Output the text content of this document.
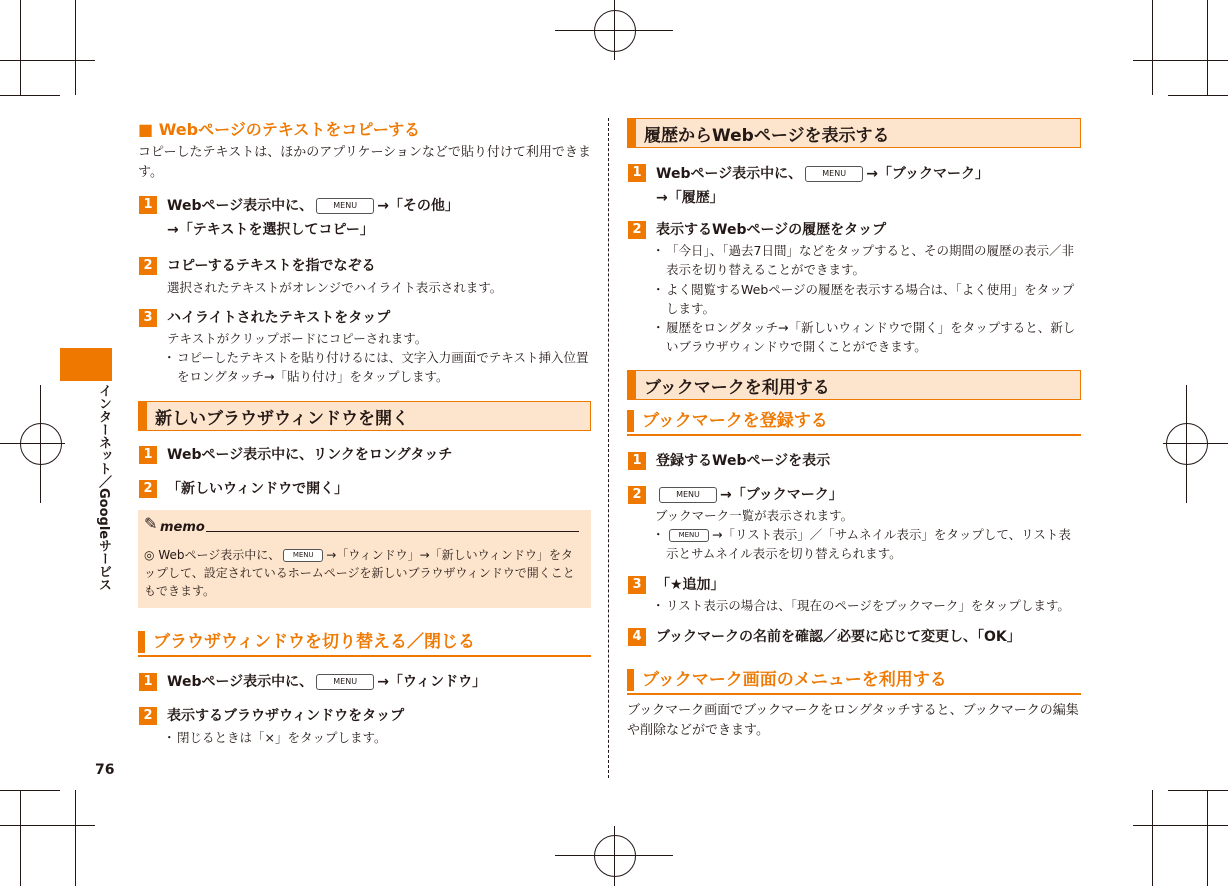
インターネット／Googleサービス
76
■ Webページのテキストをコピーする
コピーしたテキストは、ほかのアプリケーションなどで貼り付けて利用できます。
1	Webページ表示中に、	MENU →「その他」
→「テキストを選択してコピー」
2	コピーするテキストを指でなぞる
選択されたテキストがオレンジでハイライト表示されます。
3	ハイライトされたテキストをタップ
テキストがクリップボードにコピーされます。
・ コピーしたテキストを貼り付けるには、文字入力画面でテキスト挿入位置をロングタッチ→「貼り付け」をタップします。
新しいブラウザウィンドウを開く
1	Webページ表示中に、リンクをロングタッチ
2	「新しいウィンドウで開く」
✎ memo
◎ Webページ表示中に、 MENU →「ウィンドウ」→「新しいウィンドウ」をタップして、設定されているホームページを新しいブラウザウィンドウで開くこともできます。
ブラウザウィンドウを切り替える／閉じる
1	Webページ表示中に、	MENU →「ウィンドウ」
2	表示するブラウザウィンドウをタップ
・ 閉じるときは「×」をタップします。
履歴からWebページを表示する
1	Webページ表示中に、	MENU →「ブックマーク」
→「履歴」
2	表示するWebページの履歴をタップ
・ 「今日」、「過去7日間」などをタップすると、その期間の履歴の表示／非表示を切り替えることができます。
・ よく閲覧するWebページの履歴を表示する場合は、「よく使用」をタップします。
・ 履歴をロングタッチ→「新しいウィンドウで開く」をタップすると、新しいブラウザウィンドウで開くことができます。
ブックマークを利用する
ブックマークを登録する
1	登録するWebページを表示
2	MENU →「ブックマーク」
ブックマーク一覧が表示されます。
・	MENU →「リスト表示」／「サムネイル表示」をタップして、リスト表示とサムネイル表示を切り替えられます。
3	「★追加」
・ リスト表示の場合は、「現在のページをブックマーク」をタップします。
4	ブックマークの名前を確認／必要に応じて変更し、「OK」
ブックマーク画面のメニューを利用する
ブックマーク画面でブックマークをロングタッチすると、ブックマークの編集や削除などができます。
